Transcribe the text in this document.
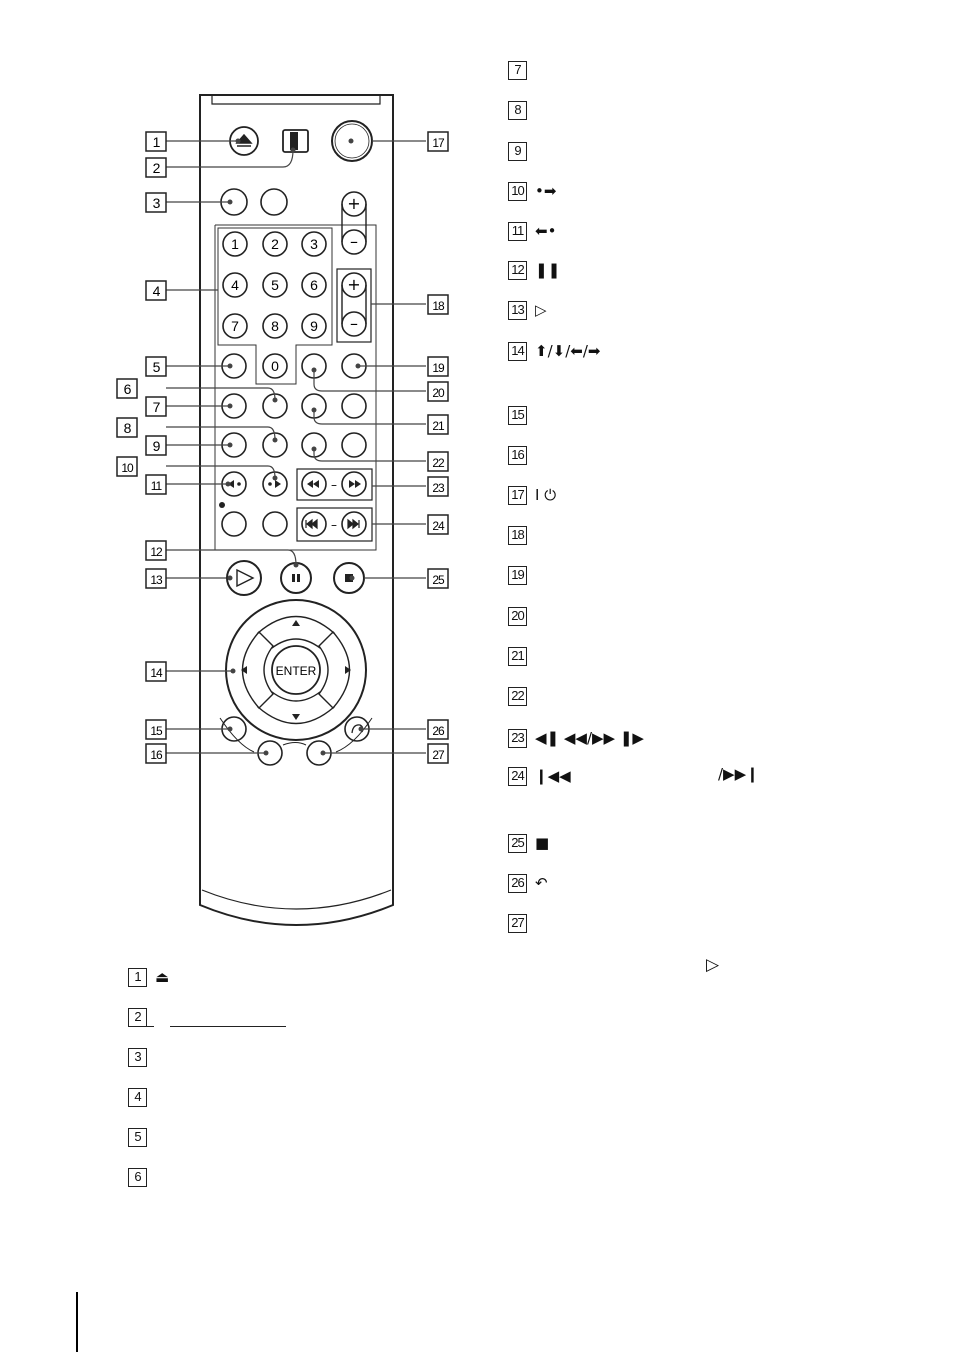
1 2 3
4 5 6
7 8 9
0
–
–
ENTER
1
2
3
4
5
6
7
8
9
10
11
12
13
14
15
16
17
18
19
20
21
22
23
24
25
26
27
+
–
+
–
1 ⏏
2
3
4
5
6
7
8
9
10 •➡
11 ⬅•
12 ❚❚
13 ▷
14 ⬆/⬇/⬅/➡
15
16
17 I ⏻
18
19
20
21
22
23 ◀❚ ◀◀/▶▶ ❚▶
24 ❙◀◀
25 ■
26 ↶
27
/▶▶❙
▷
